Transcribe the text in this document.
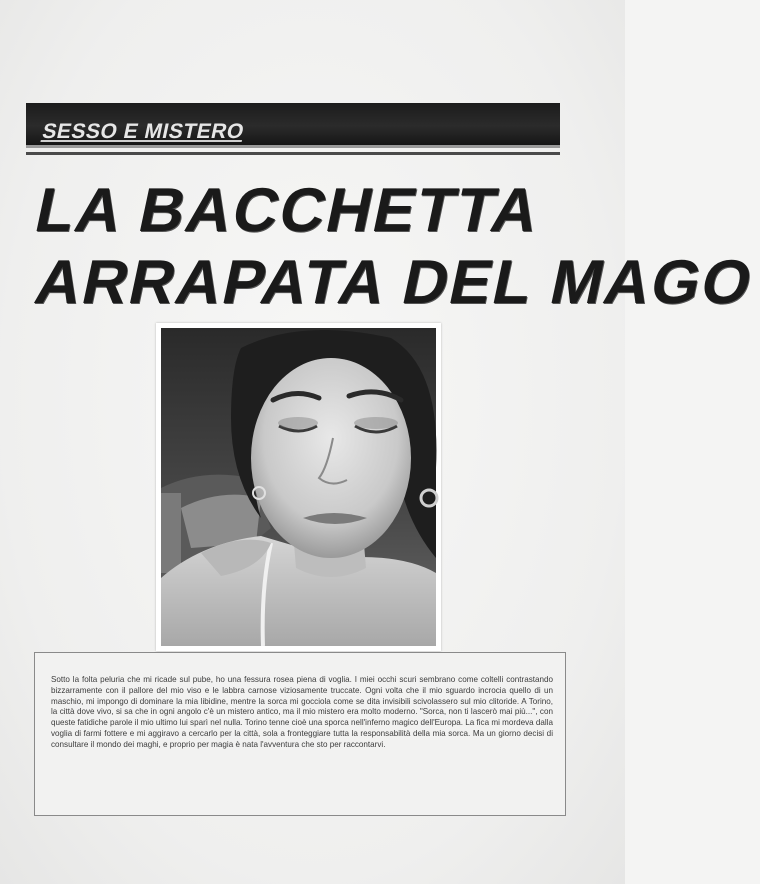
SESSO E MISTERO
LA BACCHETTA
ARRAPATA DEL MAGO

Sotto la folta peluria che mi ricade sul pube, ho una fessura rosea piena di voglia. I miei occhi scuri sembrano come coltelli contrastando bizzarramente con il pallore del mio viso e le labbra carnose viziosamente truccate. Ogni volta che il mio sguardo incrocia quello di un maschio, mi impongo di dominare la mia libidine, mentre la sorca mi gocciola come se dita invisibili scivolassero sul mio clitoride. A Torino, la città dove vivo, si sa che in ogni angolo c'è un mistero antico, ma il mio mistero era molto moderno. "Sorca, non ti lascerò mai più...", con queste fatidiche parole il mio ultimo lui sparì nel nulla. Torino tenne cioè una sporca nell'inferno magico dell'Europa. La fica mi mordeva dalla voglia di farmi fottere e mi aggiravo a cercarlo per la città, sola a fronteggiare tutta la responsabilità della mia sorca. Ma un giorno decisi di consultare il mondo dei maghi, e proprio per magia è nata l'avventura che sto per raccontarvi.
